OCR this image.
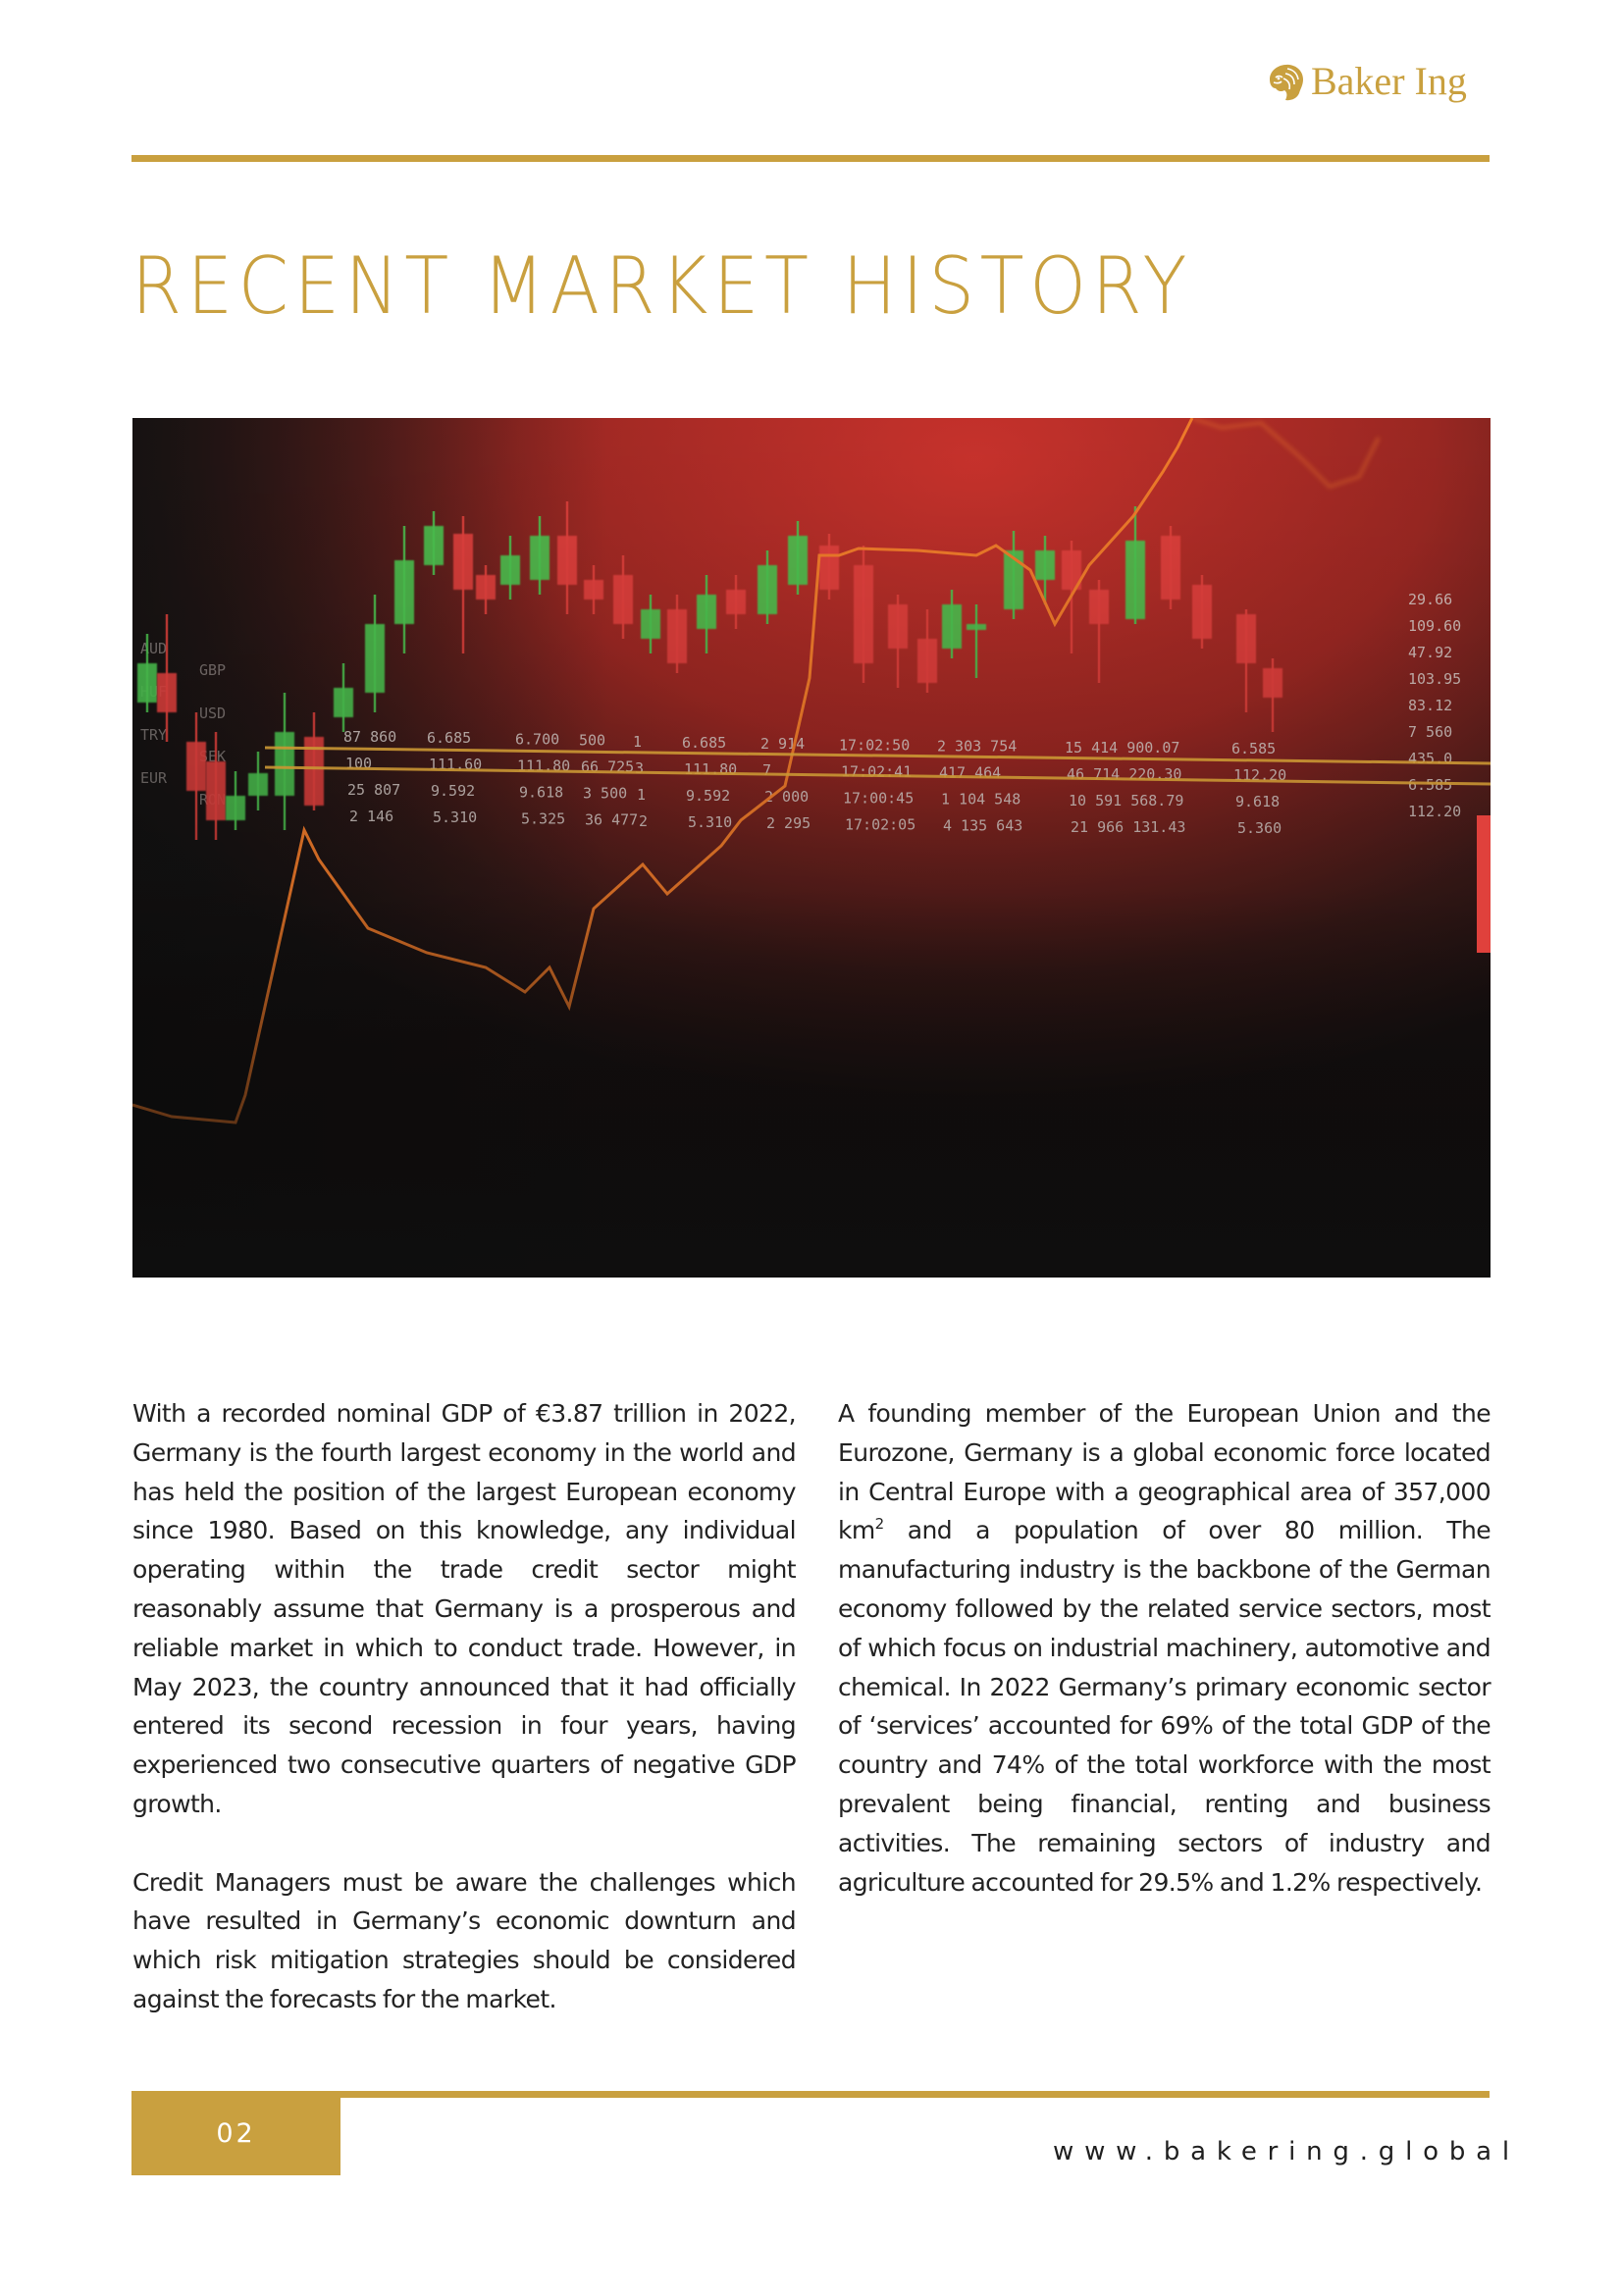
Baker Ing
RECENT MARKET HISTORY

With a recorded nominal GDP of €3.87 trillion in 2022, Germany is the fourth largest economy in the world and has held the position of the largest European economy since 1980. Based on this knowledge, any individual operating within the trade credit sector might reasonably assume that Germany is a prosperous and reliable market in which to conduct trade. However, in May 2023, the country announced that it had officially entered its second recession in four years, having experienced two consecutive quarters of negative GDP growth.

Credit Managers must be aware the challenges which have resulted in Germany’s economic downturn and which risk mitigation strategies should be considered against the forecasts for the market.

A founding member of the European Union and the Eurozone, Germany is a global economic force located in Central Europe with a geographical area of 357,000 $km^2$ and a population of over 80 million. The manufacturing industry is the backbone of the German economy followed by the related service sectors, most of which focus on industrial machinery, automotive and chemical. In 2022 Germany’s primary economic sector of ‘services’ accounted for 69% of the total GDP of the country and 74% of the total workforce with the most prevalent being financial, renting and business activities. The remaining sectors of industry and agriculture accounted for 29.5% and 1.2% respectively.

02
www.bakering.global
